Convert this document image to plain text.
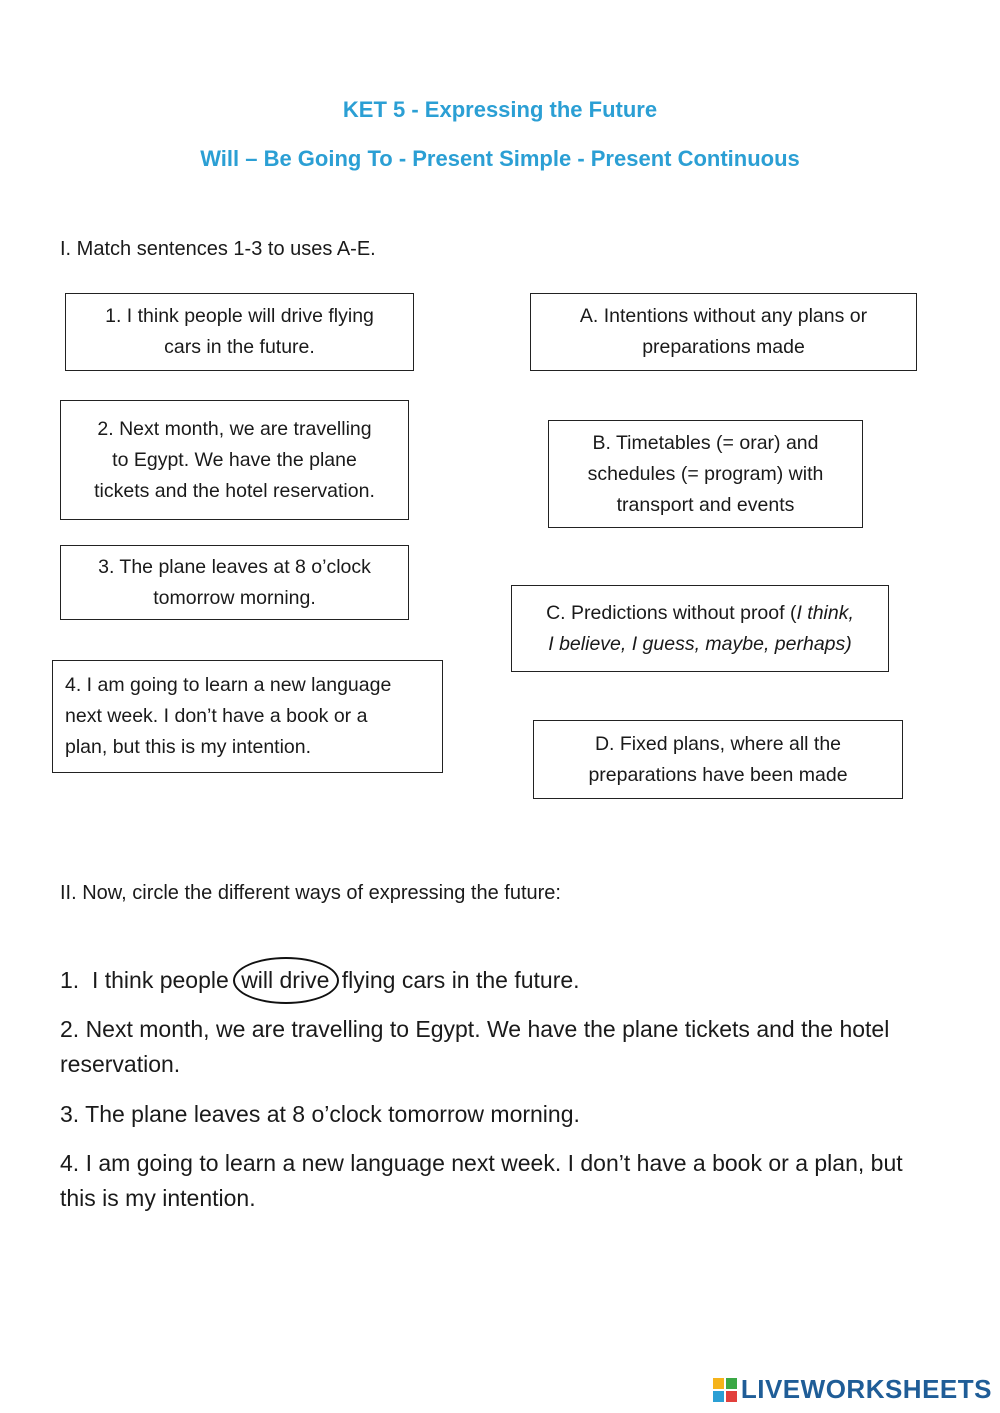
KET 5 - Expressing the Future
Will – Be Going To - Present Simple - Present Continuous
I. Match sentences 1-3 to uses A-E.
1. I think people will drive flying
cars in the future.
2. Next month, we are travelling
to Egypt. We have the plane
tickets and the hotel reservation.
3. The plane leaves at 8 o’clock
tomorrow morning.
4. I am going to learn a new language
next week. I don’t have a book or a
plan, but this is my intention.
A. Intentions without any plans or
preparations made
B. Timetables (= orar) and
schedules (= program) with
transport and events
C. Predictions without proof (I think,
I believe, I guess, maybe, perhaps)
D. Fixed plans, where all the
preparations have been made
II. Now, circle the different ways of expressing the future:
1.  I think people will drive flying cars in the future.
2. Next month, we are travelling to Egypt. We have the plane tickets and the hotel reservation.
3. The plane leaves at 8 o’clock tomorrow morning.
4. I am going to learn a new language next week. I don’t have a book or a plan, but this is my intention.
LIVEWORKSHEETS
